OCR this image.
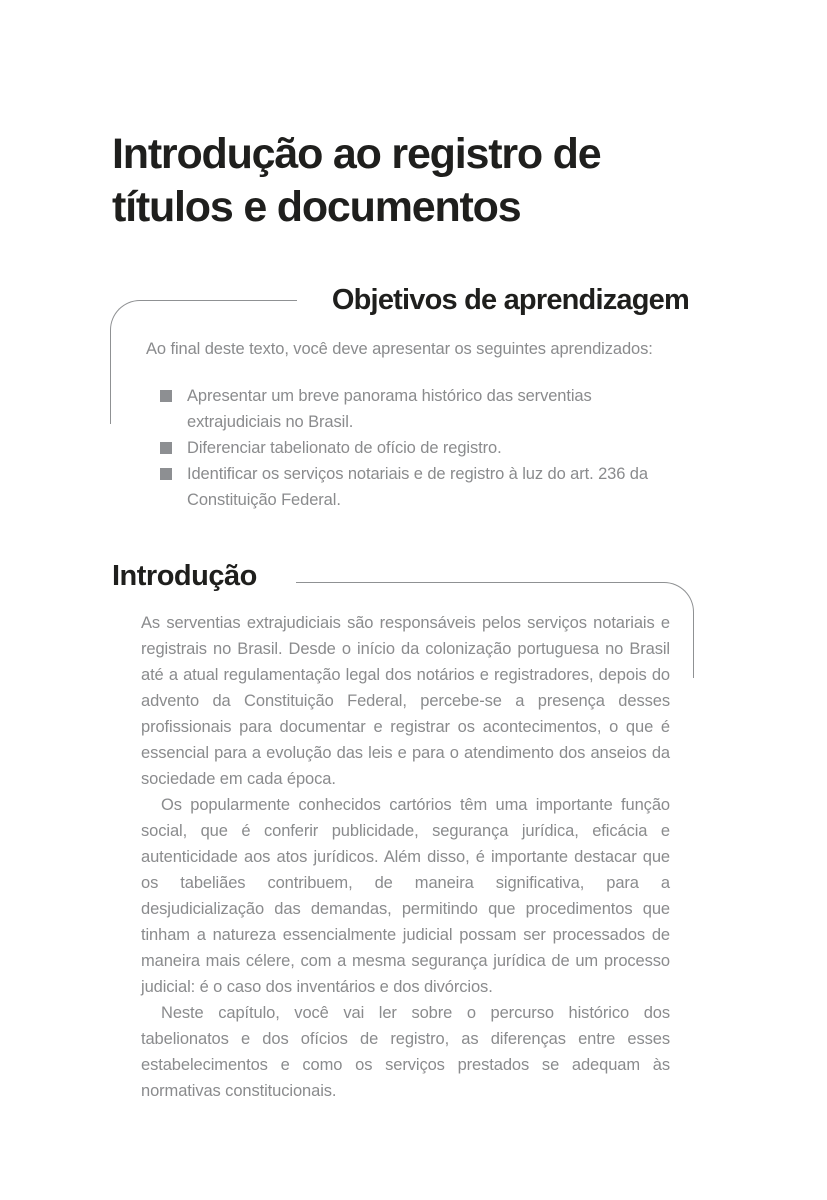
Introdução ao registro de
títulos e documentos
Objetivos de aprendizagem

Ao final deste texto, você deve apresentar os seguintes aprendizados:

Apresentar um breve panorama histórico das serventias extrajudiciais no Brasil.
Diferenciar tabelionato de ofício de registro.
Identificar os serviços notariais e de registro à luz do art. 236 da Constituição Federal.
Introdução

As serventias extrajudiciais são responsáveis pelos serviços notariais e registrais no Brasil. Desde o início da colonização portuguesa no Brasil até a atual regulamentação legal dos notários e registradores, depois do advento da Constituição Federal, percebe-se a presença desses profissionais para documentar e registrar os acontecimentos, o que é essencial para a evolução das leis e para o atendimento dos anseios da sociedade em cada época.

Os popularmente conhecidos cartórios têm uma importante função social, que é conferir publicidade, segurança jurídica, eficácia e autenticidade aos atos jurídicos. Além disso, é importante destacar que os tabeliães contribuem, de maneira significativa, para a desjudicialização das demandas, permitindo que procedimentos que tinham a natureza essencialmente judicial possam ser processados de maneira mais célere, com a mesma segurança jurídica de um processo judicial: é o caso dos inventários e dos divórcios.

Neste capítulo, você vai ler sobre o percurso histórico dos tabelionatos e dos ofícios de registro, as diferenças entre esses estabelecimentos e como os serviços prestados se adequam às normativas constitucionais.
